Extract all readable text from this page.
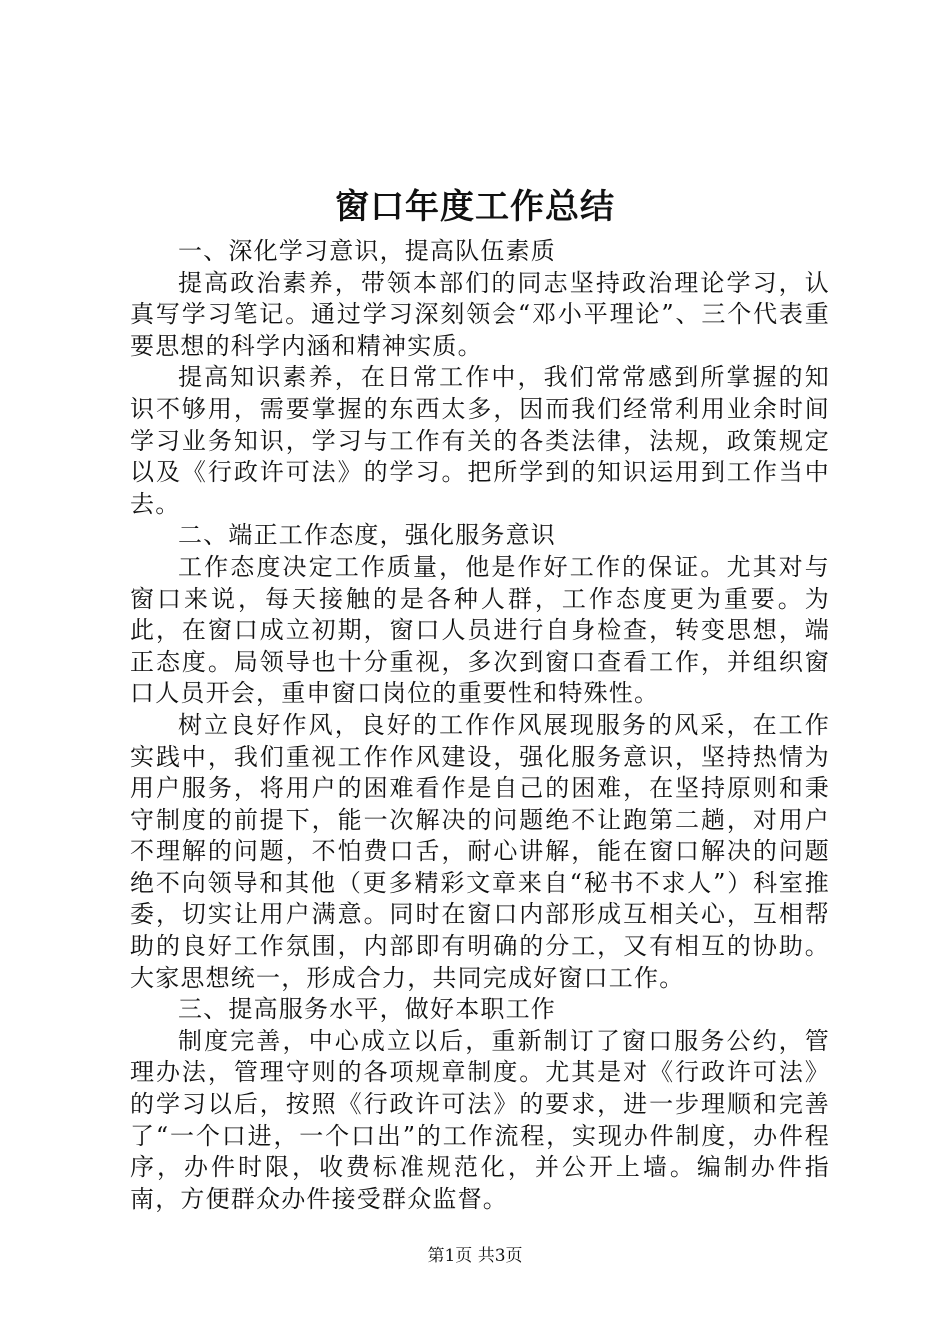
窗口年度工作总结

一、深化学习意识，提高队伍素质

提高政治素养，带领本部们的同志坚持政治理论学习，认真写学习笔记。通过学习深刻领会“邓小平理论”、三个代表重要思想的科学内涵和精神实质。

提高知识素养，在日常工作中，我们常常感到所掌握的知识不够用，需要掌握的东西太多，因而我们经常利用业余时间学习业务知识，学习与工作有关的各类法律，法规，政策规定以及《行政许可法》的学习。把所学到的知识运用到工作当中去。

二、端正工作态度，强化服务意识

工作态度决定工作质量，他是作好工作的保证。尤其对与窗口来说，每天接触的是各种人群，工作态度更为重要。为此，在窗口成立初期，窗口人员进行自身检查，转变思想，端正态度。局领导也十分重视，多次到窗口查看工作，并组织窗口人员开会，重申窗口岗位的重要性和特殊性。

树立良好作风，良好的工作作风展现服务的风采，在工作实践中，我们重视工作作风建设，强化服务意识，坚持热情为用户服务，将用户的困难看作是自己的困难，在坚持原则和秉守制度的前提下，能一次解决的问题绝不让跑第二趟，对用户不理解的问题，不怕费口舌，耐心讲解，能在窗口解决的问题绝不向领导和其他（更多精彩文章来自“秘书不求人”）科室推委，切实让用户满意。同时在窗口内部形成互相关心，互相帮助的良好工作氛围，内部即有明确的分工，又有相互的协助。大家思想统一，形成合力，共同完成好窗口工作。

三、提高服务水平，做好本职工作

制度完善，中心成立以后，重新制订了窗口服务公约，管理办法，管理守则的各项规章制度。尤其是对《行政许可法》的学习以后，按照《行政许可法》的要求，进一步理顺和完善了“一个口进，一个口出”的工作流程，实现办件制度，办件程序，办件时限，收费标准规范化，并公开上墙。编制办件指南，方便群众办件接受群众监督。

第1页 共3页
